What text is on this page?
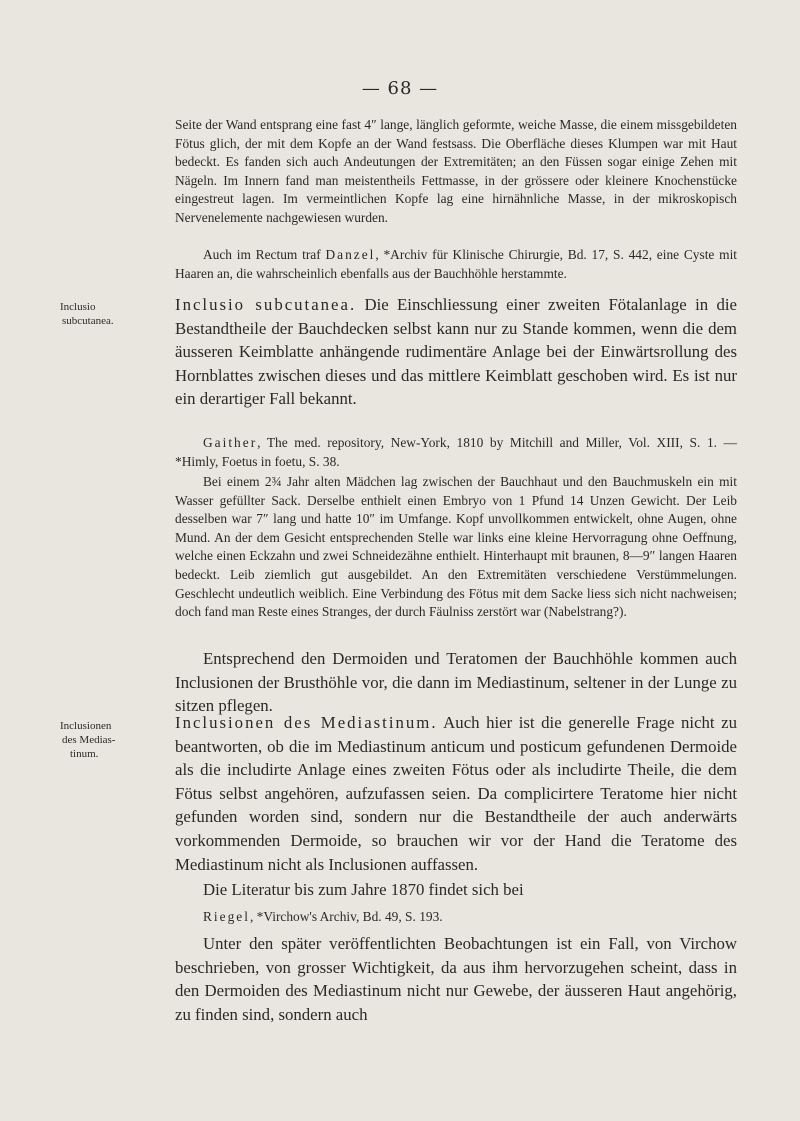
— 68 —

Seite der Wand entsprang eine fast 4″ lange, länglich geformte, weiche Masse, die einem missgebildeten Fötus glich, der mit dem Kopfe an der Wand festsass. Die Oberfläche dieses Klumpen war mit Haut bedeckt. Es fanden sich auch Andeutungen der Extremitäten; an den Füssen sogar einige Zehen mit Nägeln. Im Innern fand man meistentheils Fettmasse, in der grössere oder kleinere Knochenstücke eingestreut lagen. Im vermeintlichen Kopfe lag eine hirnähnliche Masse, in der mikroskopisch Nervenelemente nachgewiesen wurden.

Auch im Rectum traf Danzel, *Archiv für Klinische Chirurgie, Bd. 17, S. 442, eine Cyste mit Haaren an, die wahrscheinlich ebenfalls aus der Bauchhöhle herstammte.

Inclusio
subcutanea.

Inclusio subcutanea. Die Einschliessung einer zweiten Fötalanlage in die Bestandtheile der Bauchdecken selbst kann nur zu Stande kommen, wenn die dem äusseren Keimblatte anhängende rudimentäre Anlage bei der Einwärtsrollung des Hornblattes zwischen dieses und das mittlere Keimblatt geschoben wird. Es ist nur ein derartiger Fall bekannt.

Gaither, The med. repository, New-York, 1810 by Mitchill and Miller, Vol. XIII, S. 1. — *Himly, Foetus in foetu, S. 38.

Bei einem 2¾ Jahr alten Mädchen lag zwischen der Bauchhaut und den Bauchmuskeln ein mit Wasser gefüllter Sack. Derselbe enthielt einen Embryo von 1 Pfund 14 Unzen Gewicht. Der Leib desselben war 7″ lang und hatte 10″ im Umfange. Kopf unvollkommen entwickelt, ohne Augen, ohne Mund. An der dem Gesicht entsprechenden Stelle war links eine kleine Hervorragung ohne Oeffnung, welche einen Eckzahn und zwei Schneidezähne enthielt. Hinterhaupt mit braunen, 8—9″ langen Haaren bedeckt. Leib ziemlich gut ausgebildet. An den Extremitäten verschiedene Verstümmelungen. Geschlecht undeutlich weiblich. Eine Verbindung des Fötus mit dem Sacke liess sich nicht nachweisen; doch fand man Reste eines Stranges, der durch Fäulniss zerstört war (Nabelstrang?).

Entsprechend den Dermoiden und Teratomen der Bauchhöhle kommen auch Inclusionen der Brusthöhle vor, die dann im Mediastinum, seltener in der Lunge zu sitzen pflegen.

Inclusionen
des Medias-
tinum.

Inclusionen des Mediastinum. Auch hier ist die generelle Frage nicht zu beantworten, ob die im Mediastinum anticum und posticum gefundenen Dermoide als die includirte Anlage eines zweiten Fötus oder als includirte Theile, die dem Fötus selbst angehören, aufzufassen seien. Da complicirtere Teratome hier nicht gefunden worden sind, sondern nur die Bestandtheile der auch anderwärts vorkommenden Dermoide, so brauchen wir vor der Hand die Teratome des Mediastinum nicht als Inclusionen auffassen.

Die Literatur bis zum Jahre 1870 findet sich bei

Riegel, *Virchow's Archiv, Bd. 49, S. 193.

Unter den später veröffentlichten Beobachtungen ist ein Fall, von Virchow beschrieben, von grosser Wichtigkeit, da aus ihm hervorzugehen scheint, dass in den Dermoiden des Mediastinum nicht nur Gewebe, der äusseren Haut angehörig, zu finden sind, sondern auch
